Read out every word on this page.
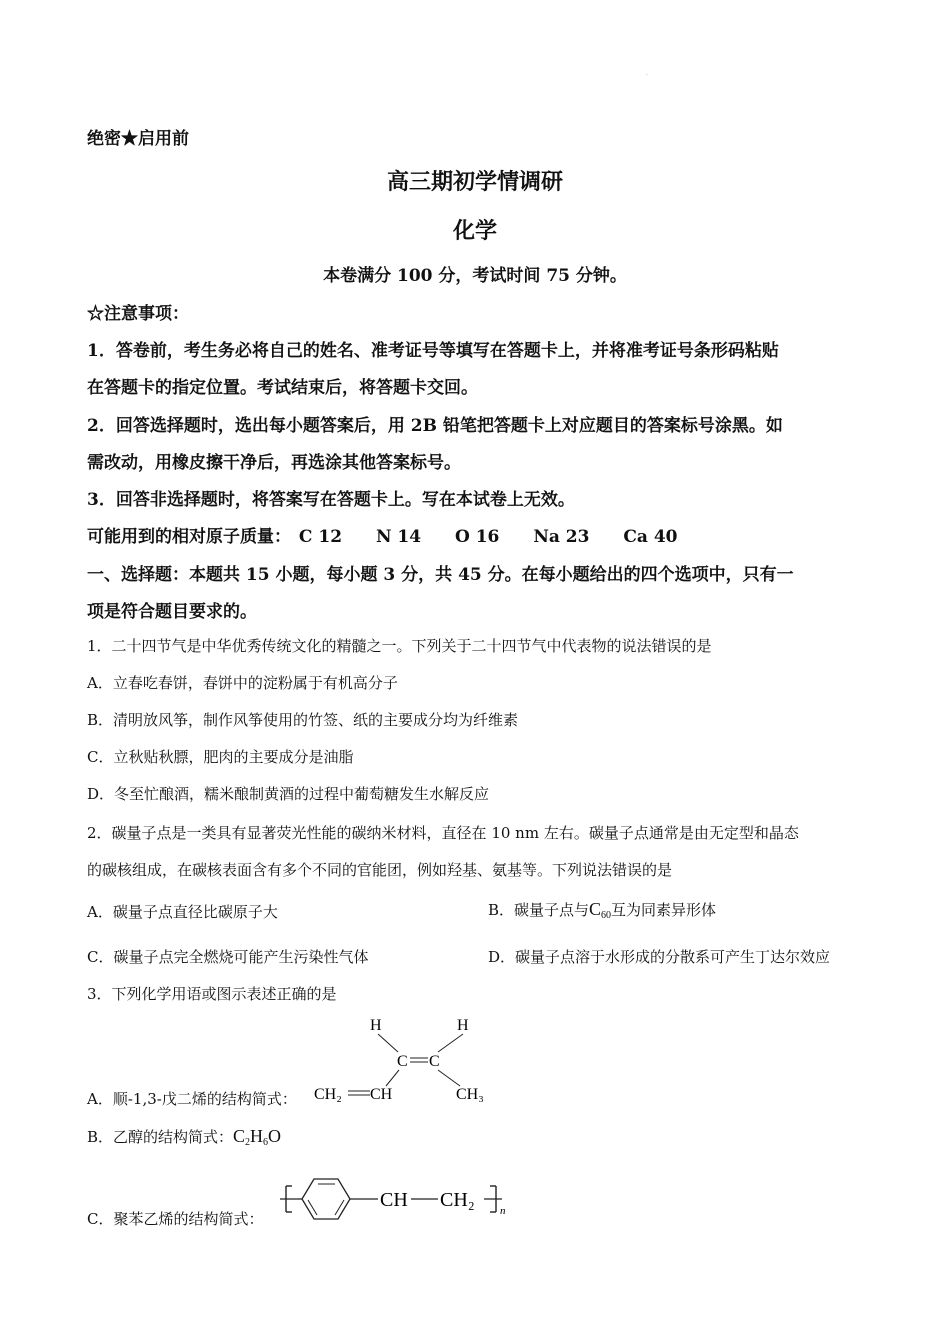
·
绝密★启用前
高三期初学情调研
化学
本卷满分 100 分，考试时间 75 分钟。
☆注意事项：
1．答卷前，考生务必将自己的姓名、准考证号等填写在答题卡上，并将准考证号条形码粘贴
在答题卡的指定位置。考试结束后，将答题卡交回。
2．回答选择题时，选出每小题答案后，用 2B 铅笔把答题卡上对应题目的答案标号涂黑。如
需改动，用橡皮擦干净后，再选涂其他答案标号。
3．回答非选择题时，将答案写在答题卡上。写在本试卷上无效。
可能用到的相对原子质量： C 12 N 14 O 16 Na 23 Ca 40
一、选择题：本题共 15 小题，每小题 3 分，共 45 分。在每小题给出的四个选项中，只有一
项是符合题目要求的。
1．二十四节气是中华优秀传统文化的精髓之一。下列关于二十四节气中代表物的说法错误的是
A．立春吃春饼，春饼中的淀粉属于有机高分子
B．清明放风筝，制作风筝使用的竹签、纸的主要成分均为纤维素
C．立秋贴秋膘，肥肉的主要成分是油脂
D．冬至忙酿酒，糯米酿制黄酒的过程中葡萄糖发生水解反应
2．碳量子点是一类具有显著荧光性能的碳纳米材料，直径在 10 nm 左右。碳量子点通常是由无定型和晶态
的碳核组成，在碳核表面含有多个不同的官能团，例如羟基、氨基等。下列说法错误的是
A．碳量子点直径比碳原子大	B．碳量子点与$C_{60}$互为同素异形体
C．碳量子点完全燃烧可能产生污染性气体	D．碳量子点溶于水形成的分散系可产生丁达尔效应
3．下列化学用语或图示表述正确的是
H	H
C C
CH₂ CH	CH₃
A．顺-1,3-戊二烯的结构简式：
B．乙醇的结构简式：$C_2H_6O$
CH CH₂ n
C．聚苯乙烯的结构简式：
